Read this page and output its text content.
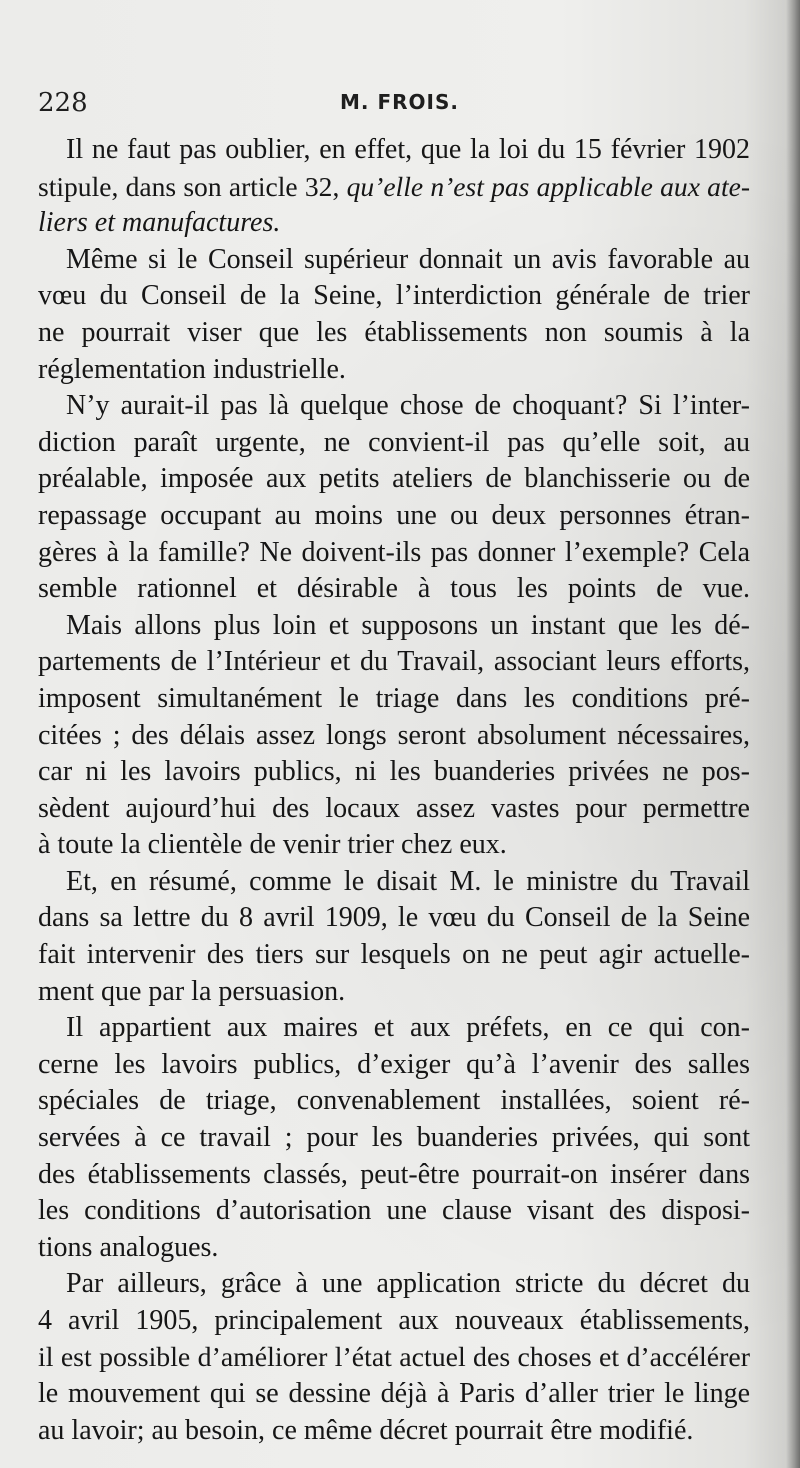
228	M. FROIS.
Il ne faut pas oublier, en effet, que la loi du 15 février 1902
stipule, dans son article 32, qu’elle n’est pas applicable aux ate-
liers et manufactures.
Même si le Conseil supérieur donnait un avis favorable au
vœu du Conseil de la Seine, l’interdiction générale de trier
ne pourrait viser que les établissements non soumis à la
réglementation industrielle.
N’y aurait-il pas là quelque chose de choquant? Si l’inter-
diction paraît urgente, ne convient-il pas qu’elle soit, au
préalable, imposée aux petits ateliers de blanchisserie ou de
repassage occupant au moins une ou deux personnes étran-
gères à la famille? Ne doivent-ils pas donner l’exemple? Cela
semble rationnel et désirable à tous les points de vue.
Mais allons plus loin et supposons un instant que les dé-
partements de l’Intérieur et du Travail, associant leurs efforts,
imposent simultanément le triage dans les conditions pré-
citées ; des délais assez longs seront absolument nécessaires,
car ni les lavoirs publics, ni les buanderies privées ne pos-
sèdent aujourd’hui des locaux assez vastes pour permettre
à toute la clientèle de venir trier chez eux.
Et, en résumé, comme le disait M. le ministre du Travail
dans sa lettre du 8 avril 1909, le vœu du Conseil de la Seine
fait intervenir des tiers sur lesquels on ne peut agir actuelle-
ment que par la persuasion.
Il appartient aux maires et aux préfets, en ce qui con-
cerne les lavoirs publics, d’exiger qu’à l’avenir des salles
spéciales de triage, convenablement installées, soient ré-
servées à ce travail ; pour les buanderies privées, qui sont
des établissements classés, peut-être pourrait-on insérer dans
les conditions d’autorisation une clause visant des disposi-
tions analogues.
Par ailleurs, grâce à une application stricte du décret du
4 avril 1905, principalement aux nouveaux établissements,
il est possible d’améliorer l’état actuel des choses et d’accélérer
le mouvement qui se dessine déjà à Paris d’aller trier le linge
au lavoir; au besoin, ce même décret pourrait être modifié.
